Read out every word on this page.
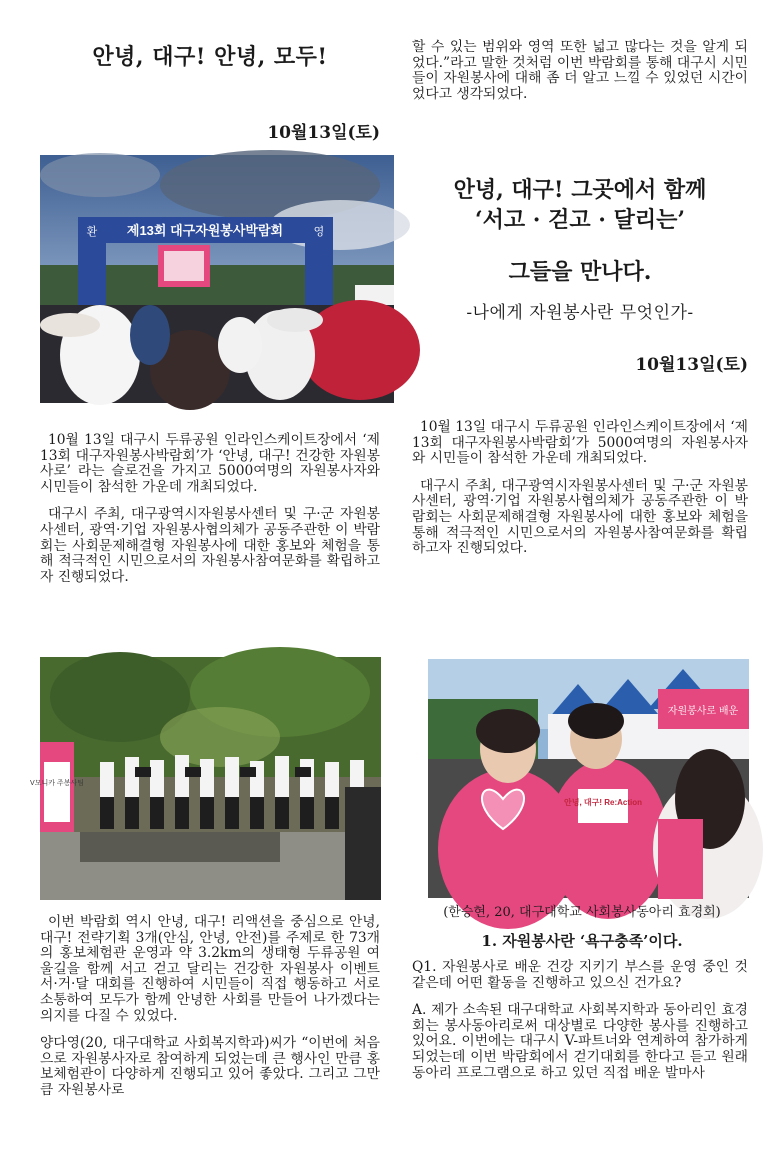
안녕, 대구! 안녕, 모두!
10월13일(토)
제13회 대구자원봉사박람회
환	영

10월 13일 대구시 두류공원 인라인스케이트장에서 ‘제 13회 대구자원봉사박람회’가 ‘안녕, 대구! 건강한 자원봉사로’ 라는 슬로건을 가지고 5000여명의 자원봉사자와 시민들이 참석한 가운데 개최되었다.

대구시 주최, 대구광역시자원봉사센터 및 구·군 자원봉사센터, 광역·기업 자원봉사협의체가 공동주관한 이 박람회는 사회문제해결형 자원봉사에 대한 홍보와 체험을 통해 적극적인 시민으로서의 자원봉사참여문화를 확립하고자 진행되었다.

V모니카 주봉사팀

이번 박람회 역시 안녕, 대구! 리액션을 중심으로 안녕, 대구! 전략기획 3개(안심, 안녕, 안전)를 주제로 한 73개의 홍보체험관 운영과 약 3.2km의 생태형 두류공원 여울길을 함께 서고 걷고 달리는 건강한 자원봉사 이벤트 서·거·달 대회를 진행하여 시민들이 직접 행동하고 서로 소통하여 모두가 함께 안녕한 사회를 만들어 나가겠다는 의지를 다질 수 있었다.

양다영(20, 대구대학교 사회복지학과)씨가 “이번에 처음으로 자원봉사자로 참여하게 되었는데 큰 행사인 만큼 홍보체험관이 다양하게 진행되고 있어 좋았다. 그리고 그만큼 자원봉사로

할 수 있는 범위와 영역 또한 넓고 많다는 것을 알게 되었다.”라고 말한 것처럼 이번 박람회를 통해 대구시 시민들이 자원봉사에 대해 좀 더 알고 느낄 수 있었던 시간이었다고 생각되었다.
안녕, 대구! 그곳에서 함께
‘서고 · 걷고 · 달리는’
그들을 만나다.
-나에게 자원봉사란 무엇인가-
10월13일(토)

10월 13일 대구시 두류공원 인라인스케이트장에서 ‘제 13회 대구자원봉사박람회’가 5000여명의 자원봉사자와 시민들이 참석한 가운데 개최되었다.

대구시 주최, 대구광역시자원봉사센터 및 구·군 자원봉사센터, 광역·기업 자원봉사협의체가 공동주관한 이 박람회는 사회문제해결형 자원봉사에 대한 홍보와 체험을 통해 적극적인 시민으로서의 자원봉사참여문화를 확립하고자 진행되었다.

자원봉사로 배운
안녕, 대구! Re:Action
(한승현, 20, 대구대학교 사회봉사동아리 효경회)
1. 자원봉사란 ‘욕구충족’이다.

Q1. 자원봉사로 배운 건강 지키기 부스를 운영 중인 것 같은데 어떤 활동을 진행하고 있으신 건가요?

A. 제가 소속된 대구대학교 사회복지학과 동아리인 효경회는 봉사동아리로써 대상별로 다양한 봉사를 진행하고 있어요. 이번에는 대구시 V-파트너와 연계하여 참가하게 되었는데 이번 박람회에서 걷기대회를 한다고 듣고 원래 동아리 프로그램으로 하고 있던 직접 배운 발마사
